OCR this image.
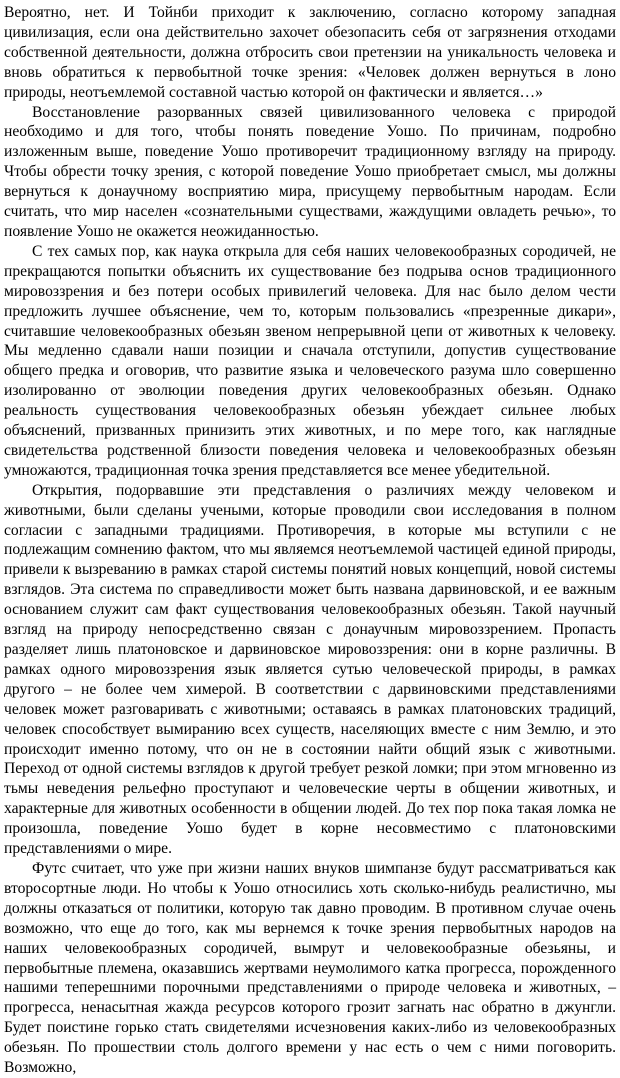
Вероятно, нет. И Тойнби приходит к заключению, согласно которому западная цивилизация, если она действительно захочет обезопасить себя от загрязнения отходами собственной деятельности, должна отбросить свои претензии на уникальность человека и вновь обратиться к первобытной точке зрения: «Человек должен вернуться в лоно природы, неотъемлемой составной частью которой он фактически и является…»

Восстановление разорванных связей цивилизованного человека с природой необходимо и для того, чтобы понять поведение Уошо. По причинам, подробно изложенным выше, поведение Уошо противоречит традиционному взгляду на природу. Чтобы обрести точку зрения, с которой поведение Уошо приобретает смысл, мы должны вернуться к донаучному восприятию мира, присущему первобытным народам. Если считать, что мир населен «сознательными существами, жаждущими овладеть речью», то появление Уошо не окажется неожиданностью.

С тех самых пор, как наука открыла для себя наших человекообразных сородичей, не прекращаются попытки объяснить их существование без подрыва основ традиционного мировоззрения и без потери особых привилегий человека. Для нас было делом чести предложить лучшее объяснение, чем то, которым пользовались «презренные дикари», считавшие человекообразных обезьян звеном непрерывной цепи от животных к человеку. Мы медленно сдавали наши позиции и сначала отступили, допустив существование общего предка и оговорив, что развитие языка и человеческого разума шло совершенно изолированно от эволюции поведения других человекообразных обезьян. Однако реальность существования человекообразных обезьян убеждает сильнее любых объяснений, призванных принизить этих животных, и по мере того, как наглядные свидетельства родственной близости поведения человека и человекообразных обезьян умножаются, традиционная точка зрения представляется все менее убедительной.

Открытия, подорвавшие эти представления о различиях между человеком и животными, были сделаны учеными, которые проводили свои исследования в полном согласии с западными традициями. Противоречия, в которые мы вступили с не подлежащим сомнению фактом, что мы являемся неотъемлемой частицей единой природы, привели к вызреванию в рамках старой системы понятий новых концепций, новой системы взглядов. Эта система по справедливости может быть названа дарвиновской, и ее важным основанием служит сам факт существования человекообразных обезьян. Такой научный взгляд на природу непосредственно связан с донаучным мировоззрением. Пропасть разделяет лишь платоновское и дарвиновское мировоззрения: они в корне различны. В рамках одного мировоззрения язык является сутью человеческой природы, в рамках другого – не более чем химерой. В соответствии с дарвиновскими представлениями человек может разговаривать с животными; оставаясь в рамках платоновских традиций, человек способствует вымиранию всех существ, населяющих вместе с ним Землю, и это происходит именно потому, что он не в состоянии найти общий язык с животными. Переход от одной системы взглядов к другой требует резкой ломки; при этом мгновенно из тьмы неведения рельефно проступают и человеческие черты в общении животных, и характерные для животных особенности в общении людей. До тех пор пока такая ломка не произошла, поведение Уошо будет в корне несовместимо с платоновскими представлениями о мире.

Футс считает, что уже при жизни наших внуков шимпанзе будут рассматриваться как второсортные люди. Но чтобы к Уошо относились хоть сколько-нибудь реалистично, мы должны отказаться от политики, которую так давно проводим. В противном случае очень возможно, что еще до того, как мы вернемся к точке зрения первобытных народов на наших человекообразных сородичей, вымрут и человекообразные обезьяны, и первобытные племена, оказавшись жертвами неумолимого катка прогресса, порожденного нашими теперешними порочными представлениями о природе человека и животных, – прогресса, ненасытная жажда ресурсов которого грозит загнать нас обратно в джунгли. Будет поистине горько стать свидетелями исчезновения каких-либо из человекообразных обезьян. По прошествии столь долгого времени у нас есть о чем с ними поговорить. Возможно,
